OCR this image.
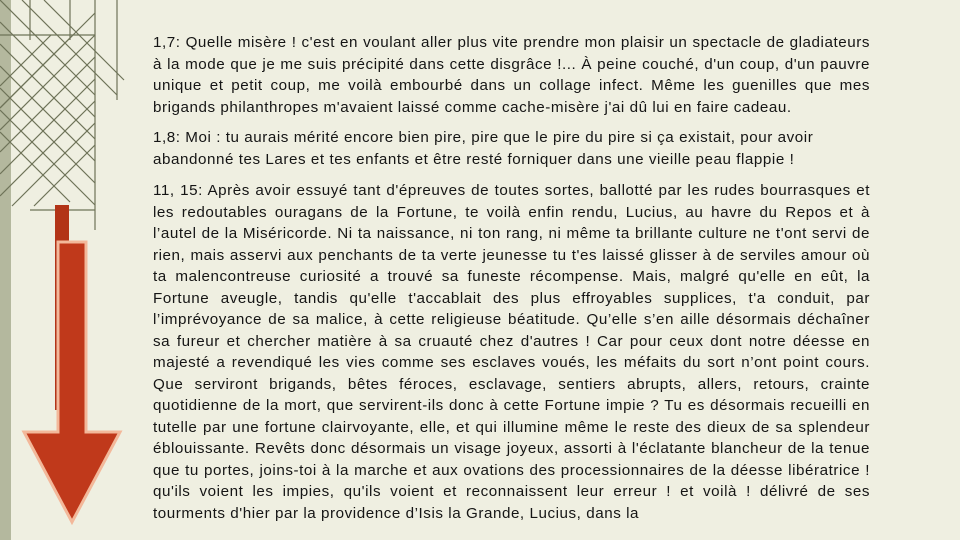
1,7: Quelle misère ! c'est en voulant aller plus vite prendre mon plaisir un spectacle de gladiateurs à la mode que je me suis précipité dans cette disgrâce !... À peine couché, d'un coup, d'un pauvre unique et petit coup, me voilà embourbé dans un collage infect. Même les guenilles que mes brigands philanthropes m'avaient laissé comme cache-misère j'ai dû lui en faire cadeau.

1,8: Moi : tu aurais mérité encore bien pire, pire que le pire du pire si ça existait, pour avoir abandonné tes Lares et tes enfants et être resté forniquer dans une vieille peau flappie !

11, 15: Après avoir essuyé tant d'épreuves de toutes sortes, ballotté par les rudes bourrasques et les redoutables ouragans de la Fortune, te voilà enfin rendu, Lucius, au havre du Repos et à l’autel de la Miséricorde. Ni ta naissance, ni ton rang, ni même ta brillante culture ne t'ont servi de rien, mais asservi aux penchants de ta verte jeunesse tu t'es laissé glisser à de serviles amour où ta malencontreuse curiosité a trouvé sa funeste récompense. Mais, malgré qu'elle en eût, la Fortune aveugle, tandis qu'elle t'accablait des plus effroyables supplices, t'a conduit, par l’imprévoyance de sa malice, à cette religieuse béatitude. Qu’elle s’en aille désormais déchaîner sa fureur et chercher matière à sa cruauté chez d'autres ! Car pour ceux dont notre déesse en majesté a revendiqué les vies comme ses esclaves voués, les méfaits du sort n’ont point cours. Que serviront brigands, bêtes féroces, esclavage, sentiers abrupts, allers, retours, crainte quotidienne de la mort, que servirent-ils donc à cette Fortune impie ? Tu es désormais recueilli en tutelle par une fortune clairvoyante, elle, et qui illumine même le reste des dieux de sa splendeur éblouissante. Revêts donc désormais un visage joyeux, assorti à l'éclatante blancheur de la tenue que tu portes, joins-toi à la marche et aux ovations des processionnaires de la déesse libératrice ! qu'ils voient les impies, qu'ils voient et reconnaissent leur erreur ! et voilà ! délivré de ses tourments d'hier par la providence d’Isis la Grande, Lucius, dans la
